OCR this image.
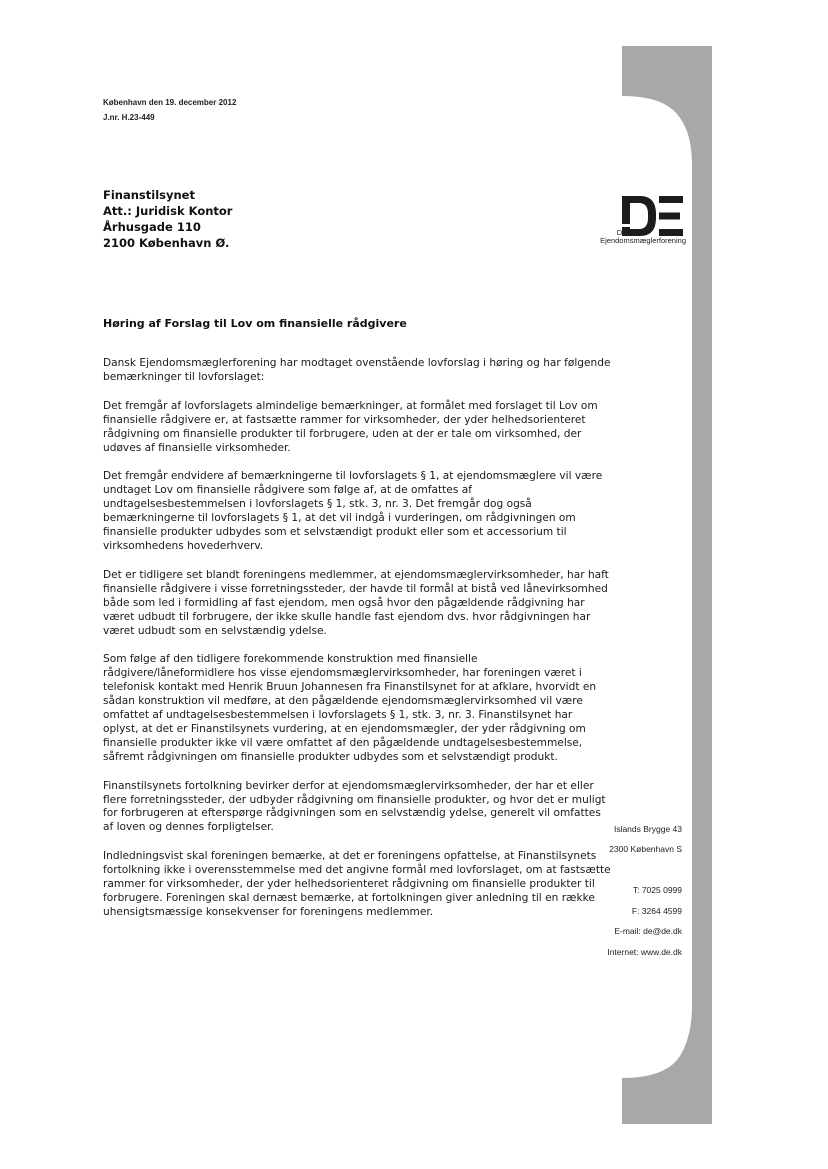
København den 19. december 2012
J.nr. H.23-449
Finanstilsynet
Att.: Juridisk Kontor
Århusgade 110
2100 København Ø.
Dansk
Ejendomsmæglerforening
Høring af Forslag til Lov om finansielle rådgivere

Dansk Ejendomsmæglerforening har modtaget ovenstående lovforslag i høring og har følgende bemærkninger til lovforslaget:

Det fremgår af lovforslagets almindelige bemærkninger, at formålet med forslaget til Lov om finansielle rådgivere er, at fastsætte rammer for virksomheder, der yder helhedsorienteret rådgivning om finansielle produkter til forbrugere, uden at der er tale om virksomhed, der udøves af finansielle virksomheder.

Det fremgår endvidere af bemærkningerne til lovforslagets § 1, at ejendomsmæglere vil være undtaget Lov om finansielle rådgivere som følge af, at de omfattes af undtagelsesbestemmelsen i lovforslagets § 1, stk. 3, nr. 3. Det fremgår dog også bemærkningerne til lovforslagets § 1, at det vil indgå i vurderingen, om rådgivningen om finansielle produkter udbydes som et selvstændigt produkt eller som et accessorium til virksomhedens hovederhverv.

Det er tidligere set blandt foreningens medlemmer, at ejendomsmæglervirksomheder, har haft finansielle rådgivere i visse forretningssteder, der havde til formål at bistå ved lånevirksomhed både som led i formidling af fast ejendom, men også hvor den pågældende rådgivning har været udbudt til forbrugere, der ikke skulle handle fast ejendom dvs. hvor rådgivningen har været udbudt som en selvstændig ydelse.

Som følge af den tidligere forekommende konstruktion med finansielle rådgivere/låneformidlere hos visse ejendomsmæglervirksomheder, har foreningen været i telefonisk kontakt med Henrik Bruun Johannesen fra Finanstilsynet for at afklare, hvorvidt en sådan konstruktion vil medføre, at den pågældende ejendomsmæglervirksomhed vil være omfattet af undtagelsesbestemmelsen i lovforslagets § 1, stk. 3, nr. 3. Finanstilsynet har oplyst, at det er Finanstilsynets vurdering, at en ejendomsmægler, der yder rådgivning om finansielle produkter ikke vil være omfattet af den pågældende undtagelsesbestemmelse, såfremt rådgivningen om finansielle produkter udbydes som et selvstændigt produkt.

Finanstilsynets fortolkning bevirker derfor at ejendomsmæglervirksomheder, der har et eller flere forretningssteder, der udbyder rådgivning om finansielle produkter, og hvor det er muligt for forbrugeren at efterspørge rådgivningen som en selvstændig ydelse, generelt vil omfattes af loven og dennes forpligtelser.

Indledningsvist skal foreningen bemærke, at det er foreningens opfattelse, at Finanstilsynets fortolkning ikke i overensstemmelse med det angivne formål med lovforslaget, om at fastsætte rammer for virksomheder, der yder helhedsorienteret rådgivning om finansielle produkter til forbrugere. Foreningen skal dernæst bemærke, at fortolkningen giver anledning til en række uhensigtsmæssige konsekvenser for foreningens medlemmer.

Islands Brygge 43
2300 København S
T: 7025 0999
F: 3264 4599
E-mail: de@de.dk
Internet: www.de.dk
